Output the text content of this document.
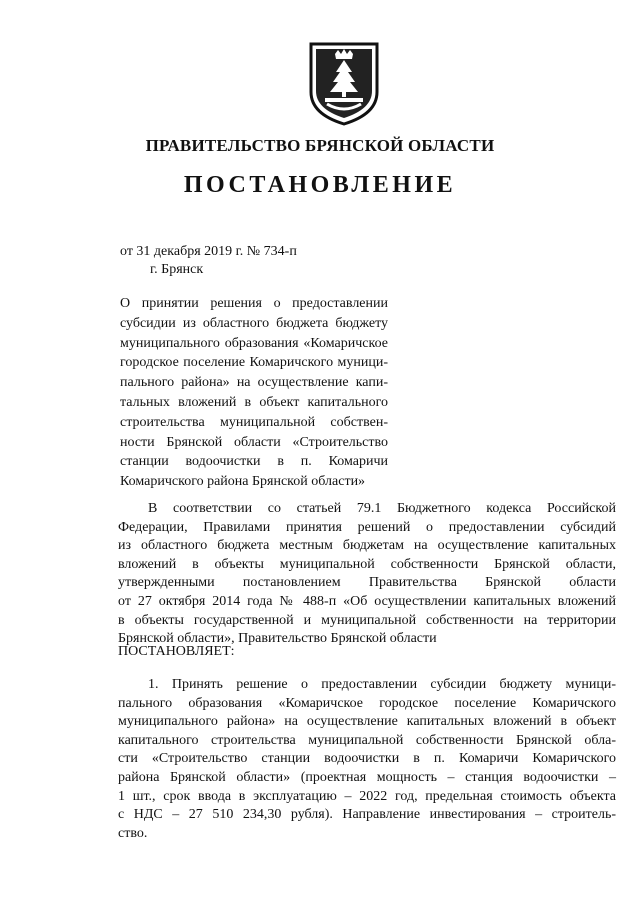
ПРАВИТЕЛЬСТВО БРЯНСКОЙ ОБЛАСТИ
ПОСТАНОВЛЕНИЕ
от 31 декабря 2019 г. № 734-п
г. Брянск
О принятии решения о предоставлении
субсидии из областного бюджета бюджету
муниципального образования «Комаричское
городское поселение Комаричского муници-
пального района» на осуществление капи-
тальных вложений в объект капитального
строительства муниципальной собствен-
ности Брянской области «Строительство
станции водоочистки в п. Комаричи
Комаричского района Брянской области»
В соответствии со статьей 79.1 Бюджетного кодекса Российской
Федерации, Правилами принятия решений о предоставлении субсидий
из областного бюджета местным бюджетам на осуществление капитальных
вложений в объекты муниципальной собственности Брянской области,
утвержденными постановлением Правительства Брянской области
от 27 октября 2014 года № 488-п «Об осуществлении капитальных вложений
в объекты государственной и муниципальной собственности на территории
Брянской области», Правительство Брянской области
ПОСТАНОВЛЯЕТ:
1. Принять решение о предоставлении субсидии бюджету муници-
пального образования «Комаричское городское поселение Комаричского
муниципального района» на осуществление капитальных вложений в объект
капитального строительства муниципальной собственности Брянской обла-
сти «Строительство станции водоочистки в п. Комаричи Комаричского
района Брянской области» (проектная мощность – станция водоочистки –
1 шт., срок ввода в эксплуатацию – 2022 год, предельная стоимость объекта
с НДС – 27 510 234,30 рубля). Направление инвестирования – строитель-
ство.
